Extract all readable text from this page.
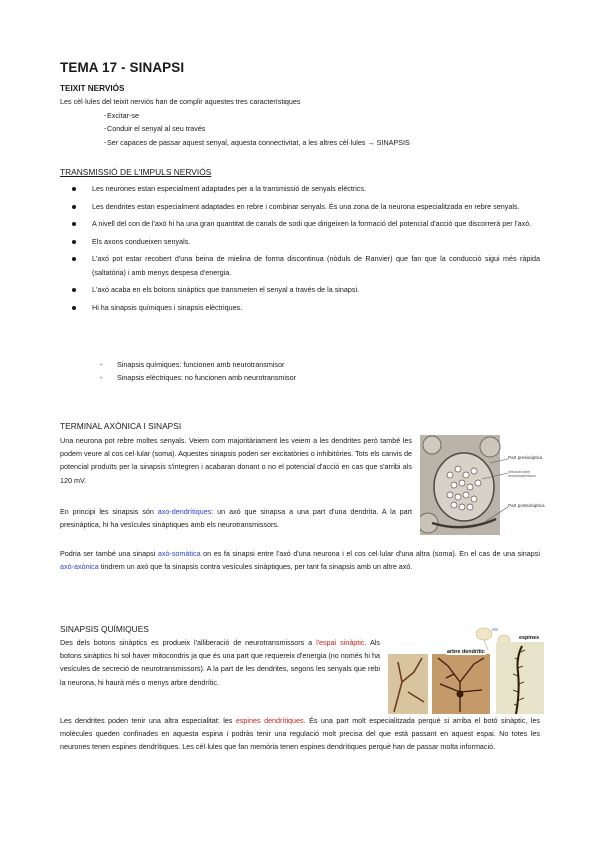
TEMA 17 - SINAPSI
TEIXIT NERVIÓS
Les cèl·lules del teixit nerviós han de complir aquestes tres característiques
- Excitar-se
- Conduir el senyal al seu través
- Ser capaces de passar aquest senyal, aquesta connectivitat, a les altres cèl·lules → SINAPSIS
TRANSMISSIÓ DE L'IMPULS NERVIÓS
Les neurones estan especialment adaptades per a la transmissió de senyals elèctrics.
Les dendrites estan especialment adaptades en rebre i combinar senyals. És una zona de la neurona especialitzada en rebre senyals.
A nivell del con de l'axó hi ha una gran quantitat de canals de sodi que dirigeixen la formació del potencial d'acció que discorrerà per l'axó.
Els axons condueixen senyals.
L'axó pot estar recobert d'una beina de mielina de forma discontinua (nòduls de Ranvier) que fan que la conducció sigui més ràpida (saltatòria) i amb menys despesa d'energia.
L'axó acaba en els botons sinàptics que transmeten el senyal a través de la sinapsi.
Hi ha sinapsis químiques i sinapsis elèctriques.
- Sinapsis químiques: funcionen amb neurotransmisor
- Sinapsis elèctriques: no funcionen amb neurotransmisor
TERMINAL AXÒNICA I SINAPSI
Una neurona pot rebre moltes senyals. Veiem com majoritàriament les veiem a les dendrites però també les podem veure al cos cel·lular (soma). Aquestes sinapsis poden ser excitatòries o inhibitòries. Tots els canvis de potencial produïts per la sinapsis s'integren i acabaran donant o no el potencial d'acció en cas que s'arribi als 120 mV.
En principi les sinapsis són axo-dendrítiques: un axó que sinapsa a una part d'una dendrita. A la part presinàptica, hi ha vesícules sinàptiques amb els neurotransmissors.
Podria ser també una sinapsi axó-somàtica on es fa sinapsi entre l'axó d'una neurona i el cos cel·lular d'una altra (soma). En el cas de una sinapsi axó-axònica tindrem un axó que fa sinapsis contra vesícules sinàptiques, per tant fa sinapsis amb un altre axó.
Part presinàptica
Vesícules amb neurotransmissors
Part postsinàptica
SINAPSIS QUÍMIQUES
Des dels botons sinàptics es produeix l'alliberació de neurotransmissors a l'espai sinàptic. Als botons sinàptics hi sol haver mitocondris ja que és una part que requereix d'energia (no només hi ha vesícules de secreció de neurotransmissors). A la part de les dendrites, segons les senyals que rebi la neurona, hi haurà més o menys arbre dendrític.
Les dendrites poden tenir una altra especialitat: les espines dendrítiques. És una part molt especialitzada perquè si arriba el botó sinàptic, les molècules queden confinades en aquesta espina i podràs tenir una regulació molt precisa del que està passant en aquest espai. No totes les neurones tenen espines dendrítiques. Les cèl·lules que fan memòria tenen espines dendrítiques perquè han de passar molta informació.
arbre dendrític
espines
